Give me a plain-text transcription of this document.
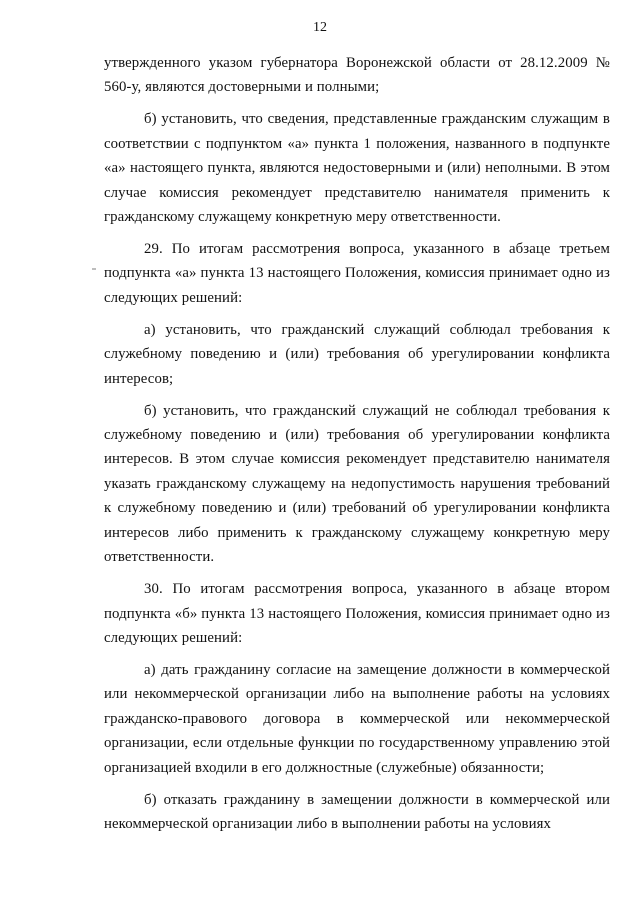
12

утвержденного указом губернатора Воронежской области от 28.12.2009 № 560-у, являются достоверными и полными;

б) установить, что сведения, представленные гражданским служащим в соответствии с подпунктом «а» пункта 1 положения, названного в подпункте «а» настоящего пункта, являются недостоверными и (или) неполными. В этом случае комиссия рекомендует представителю нанимателя применить к гражданскому служащему конкретную меру ответственности.

29. По итогам рассмотрения вопроса, указанного в абзаце третьем подпункта «а» пункта 13 настоящего Положения, комиссия принимает одно из следующих решений:

а) установить, что гражданский служащий соблюдал требования к служебному поведению и (или) требования об урегулировании конфликта интересов;

б) установить, что гражданский служащий не соблюдал требования к служебному поведению и (или) требования об урегулировании конфликта интересов. В этом случае комиссия рекомендует представителю нанимателя указать гражданскому служащему на недопустимость нарушения требований к служебному поведению и (или) требований об урегулировании конфликта интересов либо применить к гражданскому служащему конкретную меру ответственности.

30. По итогам рассмотрения вопроса, указанного в абзаце втором подпункта «б» пункта 13 настоящего Положения, комиссия принимает одно из следующих решений:

а) дать гражданину согласие на замещение должности в коммерческой или некоммерческой организации либо на выполнение работы на условиях гражданско-правового договора в коммерческой или некоммерческой организации, если отдельные функции по государственному управлению этой организацией входили в его должностные (служебные) обязанности;

б) отказать гражданину в замещении должности в коммерческой или некоммерческой организации либо в выполнении работы на условиях
